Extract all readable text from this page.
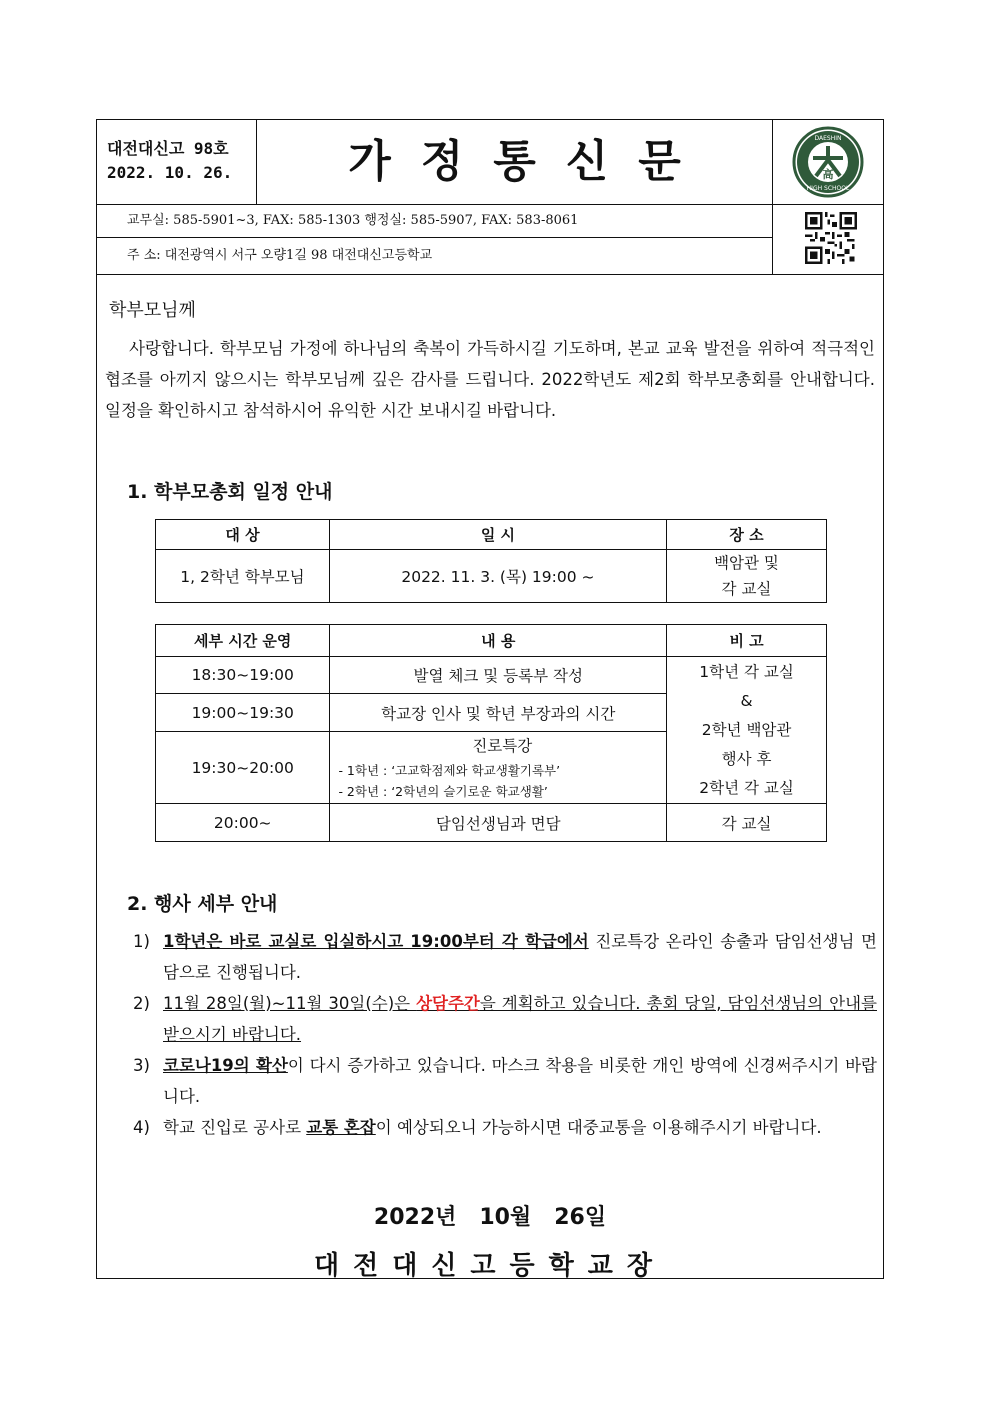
대전대신고 98호
2022. 10. 26.	가정통신문	DAESHIN
HIGH SCHOOL
高
교무실: 585-5901~3, FAX: 585-1303 행정실: 585-5907, FAX: 583-8061
주 소: 대전광역시 서구 오량1길 98 대전대신고등학교
학부모님께
사랑합니다. 학부모님 가정에 하나님의 축복이 가득하시길 기도하며, 본교 교육 발전을 위하여 적극적인 협조를 아끼지 않으시는 학부모님께 깊은 감사를 드립니다. 2022학년도 제2회 학부모총회를 안내합니다. 일정을 확인하시고 참석하시어 유익한 시간 보내시길 바랍니다.
1. 학부모총회 일정 안내
대 상	일 시	장 소
1, 2학년 학부모님	2022. 11. 3. (목) 19:00 ~	백암관 및
각 교실
세부 시간 운영	내 용	비 고
18:30~19:00	발열 체크 및 등록부 작성	1학년 각 교실
&
2학년 백암관
행사 후
2학년 각 교실

19:00~19:30	학교장 인사 및 학년 부장과의 시간	
19:30~20:00	진로특강
- 1학년 : ‘고교학점제와 학교생활기록부’
- 2학년 : ‘2학년의 슬기로운 학교생활’	

20:00~	담임선생님과 면담	각 교실
2. 행사 세부 안내
1) 1학년은 바로 교실로 입실하시고 19:00부터 각 학급에서 진로특강 온라인 송출과 담임선생님 면담으로 진행됩니다.
2) 11월 28일(월)~11월 30일(수)은 상담주간을 계획하고 있습니다. 총회 당일, 담임선생님의 안내를 받으시기 바랍니다.
3) 코로나19의 확산이 다시 증가하고 있습니다. 마스크 착용을 비롯한 개인 방역에 신경써주시기 바랍니다.
4) 학교 진입로 공사로 교통 혼잡이 예상되오니 가능하시면 대중교통을 이용해주시기 바랍니다.
2022년   10월   26일
대전대신고등학교장
